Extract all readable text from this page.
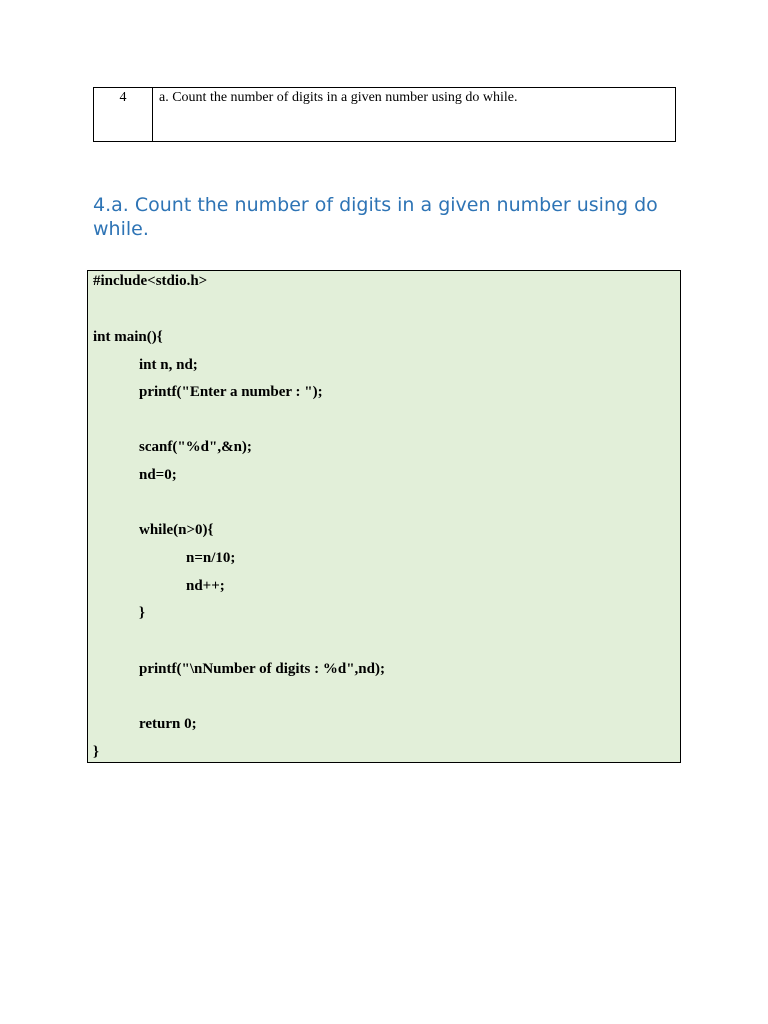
4	a. Count the number of digits in a given number using do while.
4.a. Count the number of digits in a given number using do while.
#include<stdio.h>
int main(){
int n, nd;
printf("Enter a number : ");
scanf("%d",&n);
nd=0;
while(n>0){
n=n/10;
nd++;
}
printf("\nNumber of digits : %d",nd);
return 0;
}
